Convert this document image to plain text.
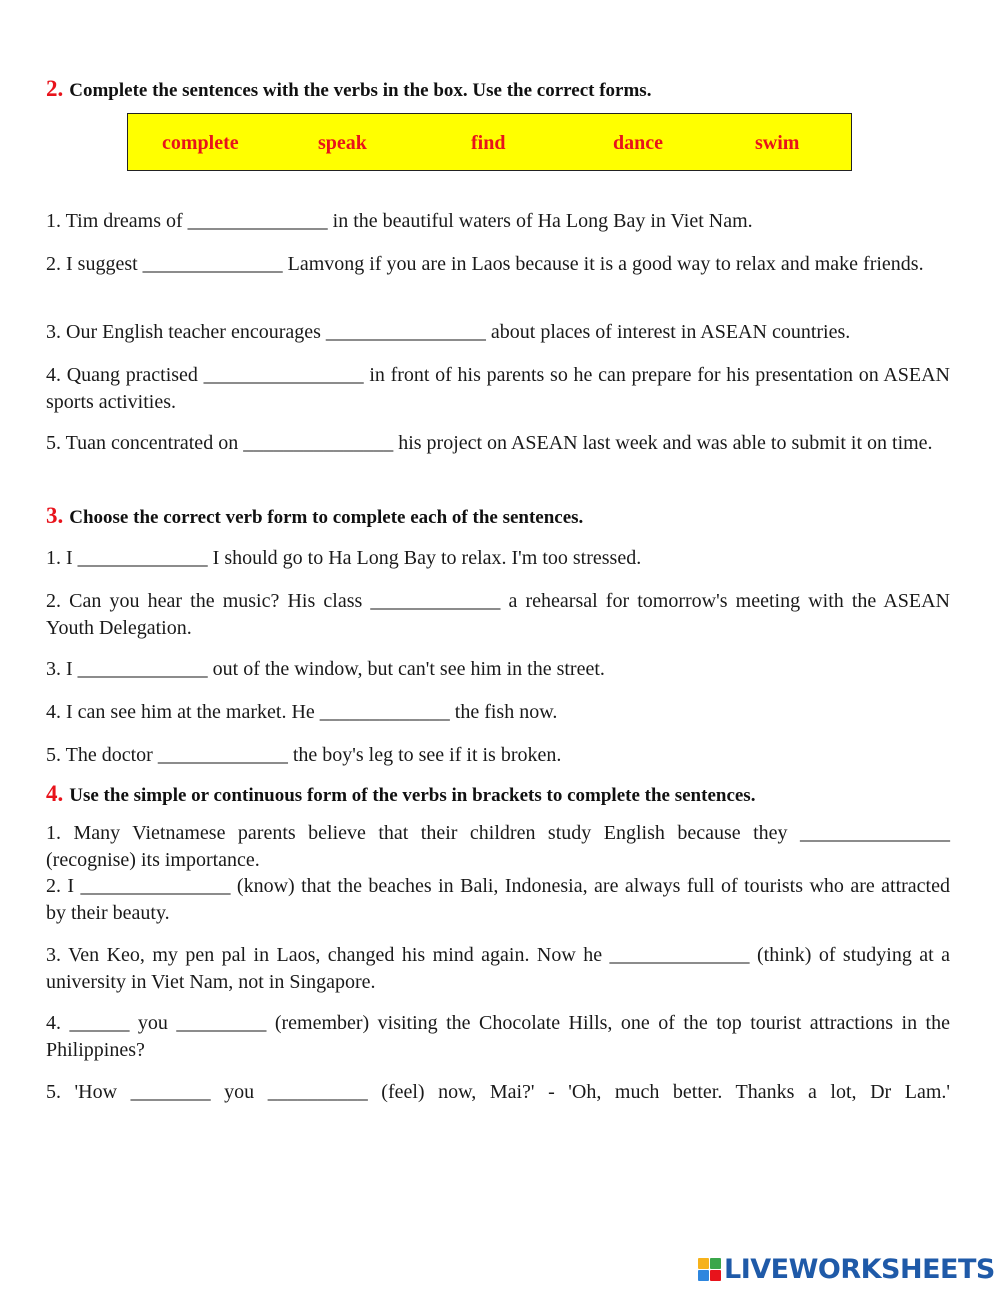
2. Complete the sentences with the verbs in the box. Use the correct forms.
complete	speak	find	dance	swim
1. Tim dreams of ______________ in the beautiful waters of Ha Long Bay in Viet Nam.
2. I suggest ______________ Lamvong if you are in Laos because it is a good way to relax and make friends.
3. Our English teacher encourages ________________ about places of interest in ASEAN countries.
4. Quang practised ________________ in front of his parents so he can prepare for his presentation on ASEAN sports activities.
5. Tuan concentrated on _______________ his project on ASEAN last week and was able to submit it on time.
3. Choose the correct verb form to complete each of the sentences.
1. I _____________ I should go to Ha Long Bay to relax. I'm too stressed.
2. Can you hear the music? His class _____________ a rehearsal for tomorrow's meeting with the ASEAN Youth Delegation.
3. I _____________ out of the window, but can't see him in the street.
4. I can see him at the market. He _____________ the fish now.
5. The doctor _____________ the boy's leg to see if it is broken.
4. Use the simple or continuous form of the verbs in brackets to complete the sentences.
1. Many Vietnamese parents believe that their children study English because they _______________ (recognise) its importance.
2. I _______________ (know) that the beaches in Bali, Indonesia, are always full of tourists who are attracted by their beauty.
3. Ven Keo, my pen pal in Laos, changed his mind again. Now he ______________ (think) of studying at a university in Viet Nam, not in Singapore.
4. ______ you _________ (remember) visiting the Chocolate Hills, one of the top tourist attractions in the Philippines?
5. 'How ________ you __________ (feel) now, Mai?' - 'Oh, much better. Thanks a lot, Dr Lam.'
LIVEWORKSHEETS
